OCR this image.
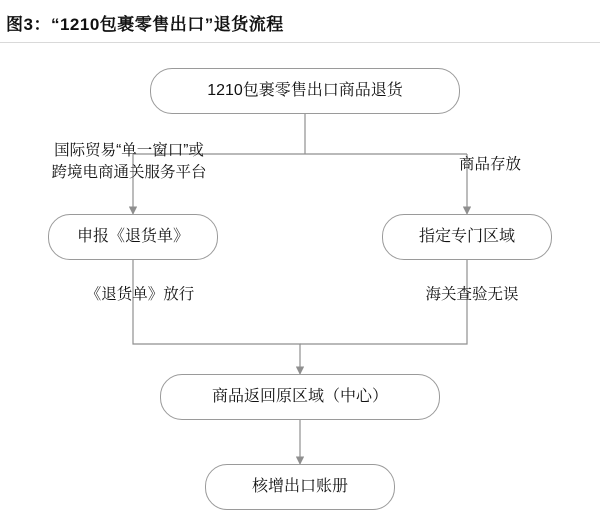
图3：“1210包裹零售出口”退货流程
1210包裹零售出口商品退货
申报《退货单》	指定专门区域
商品返回原区域（中心）
核增出口账册
国际贸易“单一窗口”或
跨境电商通关服务平台	商品存放
《退货单》放行	海关查验无误
